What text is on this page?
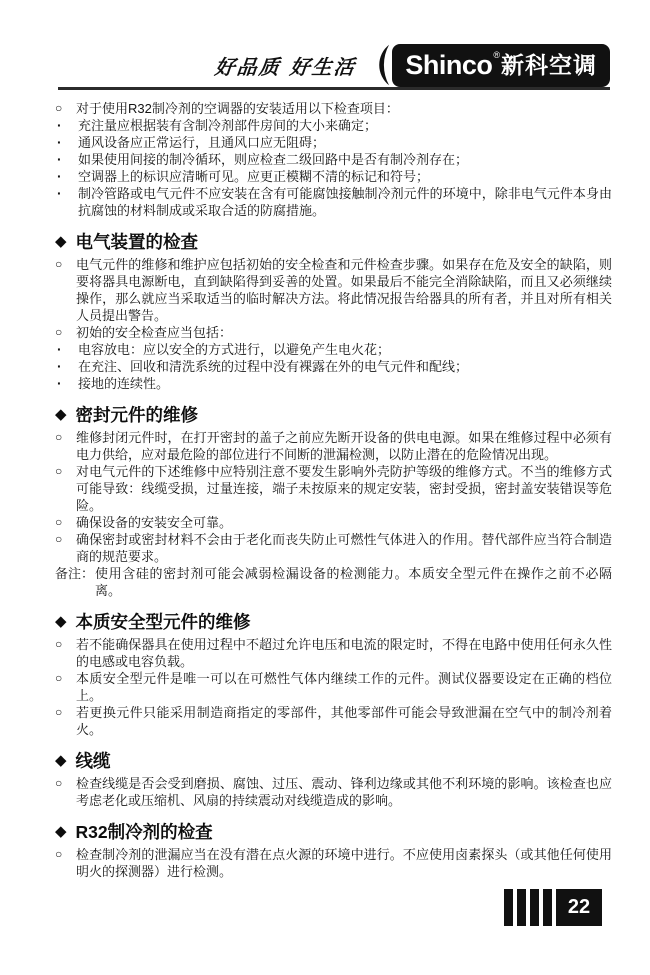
好品质 好生活 Shinco ® 新科空调
○	对于使用R32制冷剂的空调器的安装适用以下检查项目：
·	充注量应根据装有含制冷剂部件房间的大小来确定；
·	通风设备应正常运行，且通风口应无阻碍；
·	如果使用间接的制冷循环，则应检查二级回路中是否有制冷剂存在；
·	空调器上的标识应清晰可见。应更正模糊不清的标记和符号；
·	制冷管路或电气元件不应安装在含有可能腐蚀接触制冷剂元件的环境中，除非电气元件本身由抗腐蚀的材料制成或采取合适的防腐措施。
◆ 电气装置的检查
○	电气元件的维修和维护应包括初始的安全检查和元件检查步骤。如果存在危及安全的缺陷，则要将器具电源断电，直到缺陷得到妥善的处置。如果最后不能完全消除缺陷，而且又必须继续操作，那么就应当采取适当的临时解决方法。将此情况报告给器具的所有者，并且对所有相关人员提出警告。
○	初始的安全检查应当包括：
·	电容放电：应以安全的方式进行，以避免产生电火花；
·	在充注、回收和清洗系统的过程中没有裸露在外的电气元件和配线；
·	接地的连续性。
◆ 密封元件的维修
○	维修封闭元件时，在打开密封的盖子之前应先断开设备的供电电源。如果在维修过程中必须有电力供给，应对最危险的部位进行不间断的泄漏检测，以防止潜在的危险情况出现。
○	对电气元件的下述维修中应特别注意不要发生影响外壳防护等级的维修方式。不当的维修方式可能导致：线缆受损，过量连接，端子未按原来的规定安装，密封受损，密封盖安装错误等危险。
○	确保设备的安装安全可靠。
○	确保密封或密封材料不会由于老化而丧失防止可燃性气体进入的作用。替代部件应当符合制造商的规范要求。
备注： 使用含硅的密封剂可能会减弱检漏设备的检测能力。本质安全型元件在操作之前不必隔离。
◆ 本质安全型元件的维修
○	若不能确保器具在使用过程中不超过允许电压和电流的限定时，不得在电路中使用任何永久性的电感或电容负载。
○	本质安全型元件是唯一可以在可燃性气体内继续工作的元件。测试仪器要设定在正确的档位上。
○	若更换元件只能采用制造商指定的零部件，其他零部件可能会导致泄漏在空气中的制冷剂着火。
◆ 线缆
○	检查线缆是否会受到磨损、腐蚀、过压、震动、锋利边缘或其他不利环境的影响。该检查也应考虑老化或压缩机、风扇的持续震动对线缆造成的影响。
◆ R32制冷剂的检查
○	检查制冷剂的泄漏应当在没有潜在点火源的环境中进行。不应使用卤素探头（或其他任何使用明火的探测器）进行检测。
22
